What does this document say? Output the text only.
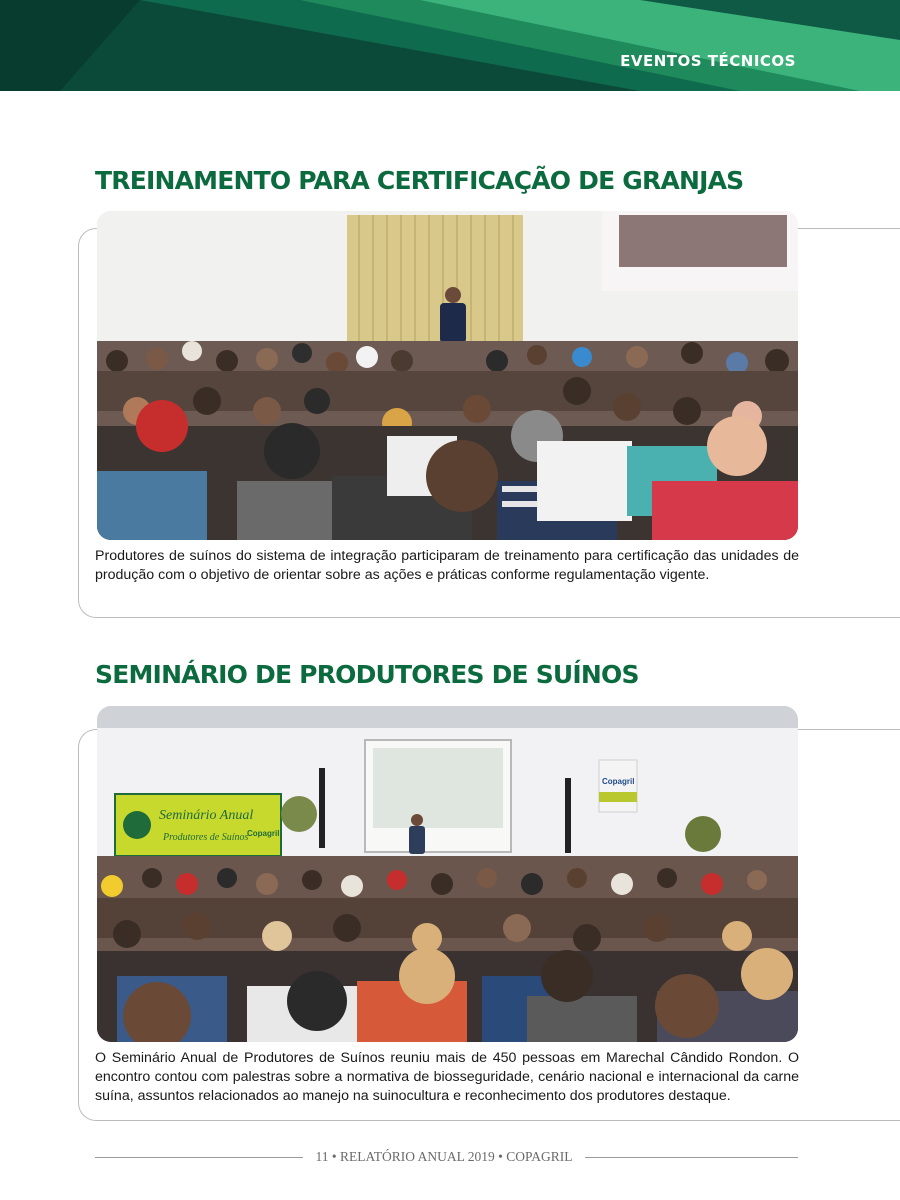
EVENTOS TÉCNICOS
TREINAMENTO PARA CERTIFICAÇÃO DE GRANJAS

Produtores de suínos do sistema de integração participaram de treinamento para certificação das unidades de produção com o objetivo de orientar sobre as ações e práticas conforme regulamentação vigente.

SEMINÁRIO DE PRODUTORES DE SUÍNOS
Seminário Anual
Produtores de Suínos
Copagril
Copagril

O Seminário Anual de Produtores de Suínos reuniu mais de 450 pessoas em Marechal Cândido Rondon. O encontro contou com palestras sobre a normativa de biosseguridade, cenário nacional e internacional da carne suína, assuntos relacionados ao manejo na suinocultura e reconhecimento dos produtores destaque.

11 • RELATÓRIO ANUAL 2019 • COPAGRIL
